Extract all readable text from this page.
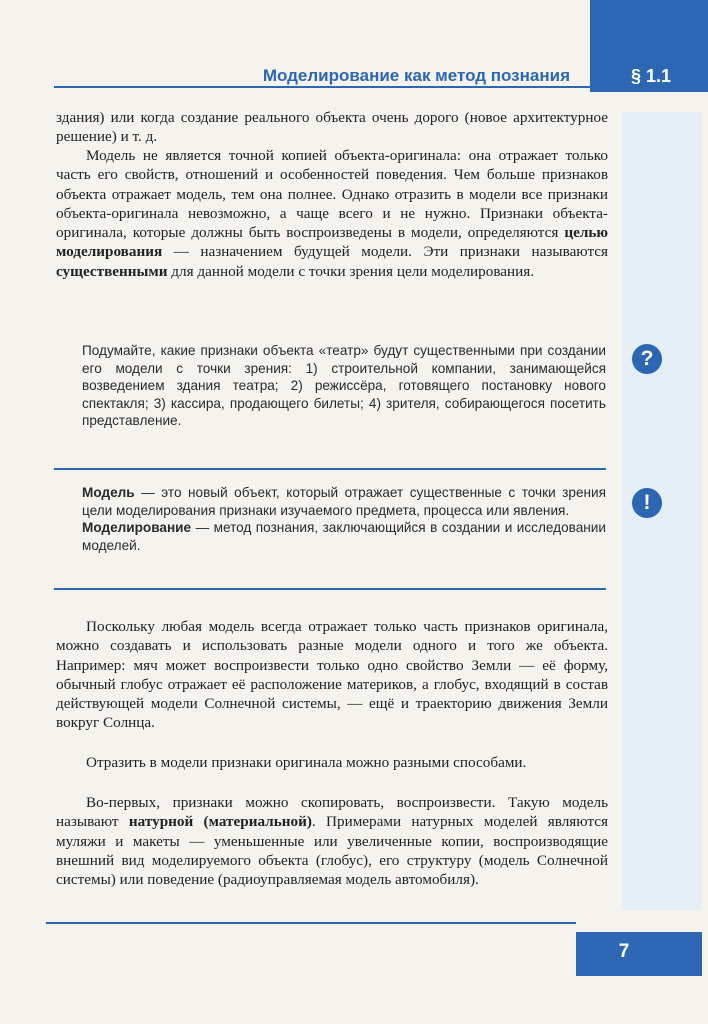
§ 1.1
Моделирование как метод познания

здания) или когда создание реального объекта очень дорого (новое архитектурное решение) и т. д.

Модель не является точной копией объекта-оригинала: она отражает только часть его свойств, отношений и особенностей поведения. Чем больше признаков объекта отражает модель, тем она полнее. Однако отразить в модели все признаки объекта-оригинала невозможно, а чаще всего и не нужно. Признаки объекта-оригинала, которые должны быть воспроизведены в модели, определяются целью моделирования — назначением будущей модели. Эти признаки называются существенными для данной модели с точки зрения цели моделирования.

Подумайте, какие признаки объекта «театр» будут существенными при создании его модели с точки зрения: 1) строительной компании, занимающейся возведением здания театра; 2) режиссёра, готовящего постановку нового спектакля; 3) кассира, продающего билеты; 4) зрителя, собирающегося посетить представление.

?
!

Модель — это новый объект, который отражает существенные с точки зрения цели моделирования признаки изучаемого предмета, процесса или явления.

Моделирование — метод познания, заключающийся в создании и исследовании моделей.

Поскольку любая модель всегда отражает только часть признаков оригинала, можно создавать и использовать разные модели одного и того же объекта. Например: мяч может воспроизвести только одно свойство Земли — её форму, обычный глобус отражает её расположение материков, а глобус, входящий в состав действующей модели Солнечной системы, — ещё и траекторию движения Земли вокруг Солнца.

Отразить в модели признаки оригинала можно разными способами.

Во-первых, признаки можно скопировать, воспроизвести. Такую модель называют натурной (материальной). Примерами натурных моделей являются муляжи и макеты — уменьшенные или увеличенные копии, воспроизводящие внешний вид моделируемого объекта (глобус), его структуру (модель Солнечной системы) или поведение (радиоуправляемая модель автомобиля).

7
